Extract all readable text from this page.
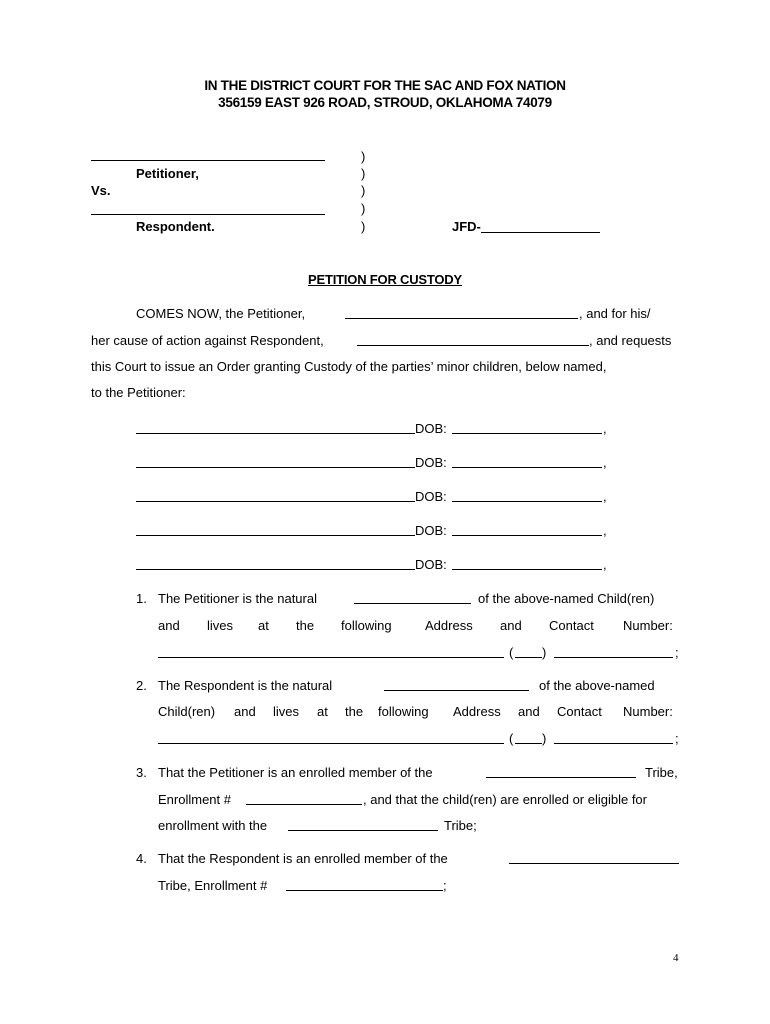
IN THE DISTRICT COURT FOR THE SAC AND FOX NATION
356159 EAST 926 ROAD, STROUD, OKLAHOMA 74079
Petitioner,
Vs.
Respondent.
)
)
)
)
)	JFD-
PETITION FOR CUSTODY
COMES NOW, the Petitioner,	, and for his/
her cause of action against Respondent,	, and requests
this Court to issue an Order granting Custody of the parties’ minor children, below named,
to the Petitioner:
DOB:	,
DOB:	,
DOB:	,
DOB:	,
DOB:	,
1. The Petitioner is the natural	of the above-named Child(ren)
and lives at the following	Address and Contact Number:
( )	;
2. The Respondent is the natural	of the above-named
Child(ren) and lives at the following Address and Contact Number:
( )	;
3. That the Petitioner is an enrolled member of the	Tribe,
Enrollment #	, and that the child(ren) are enrolled or eligible for
enrollment with the	Tribe;
4. That the Respondent is an enrolled member of the
Tribe, Enrollment #	;
4
